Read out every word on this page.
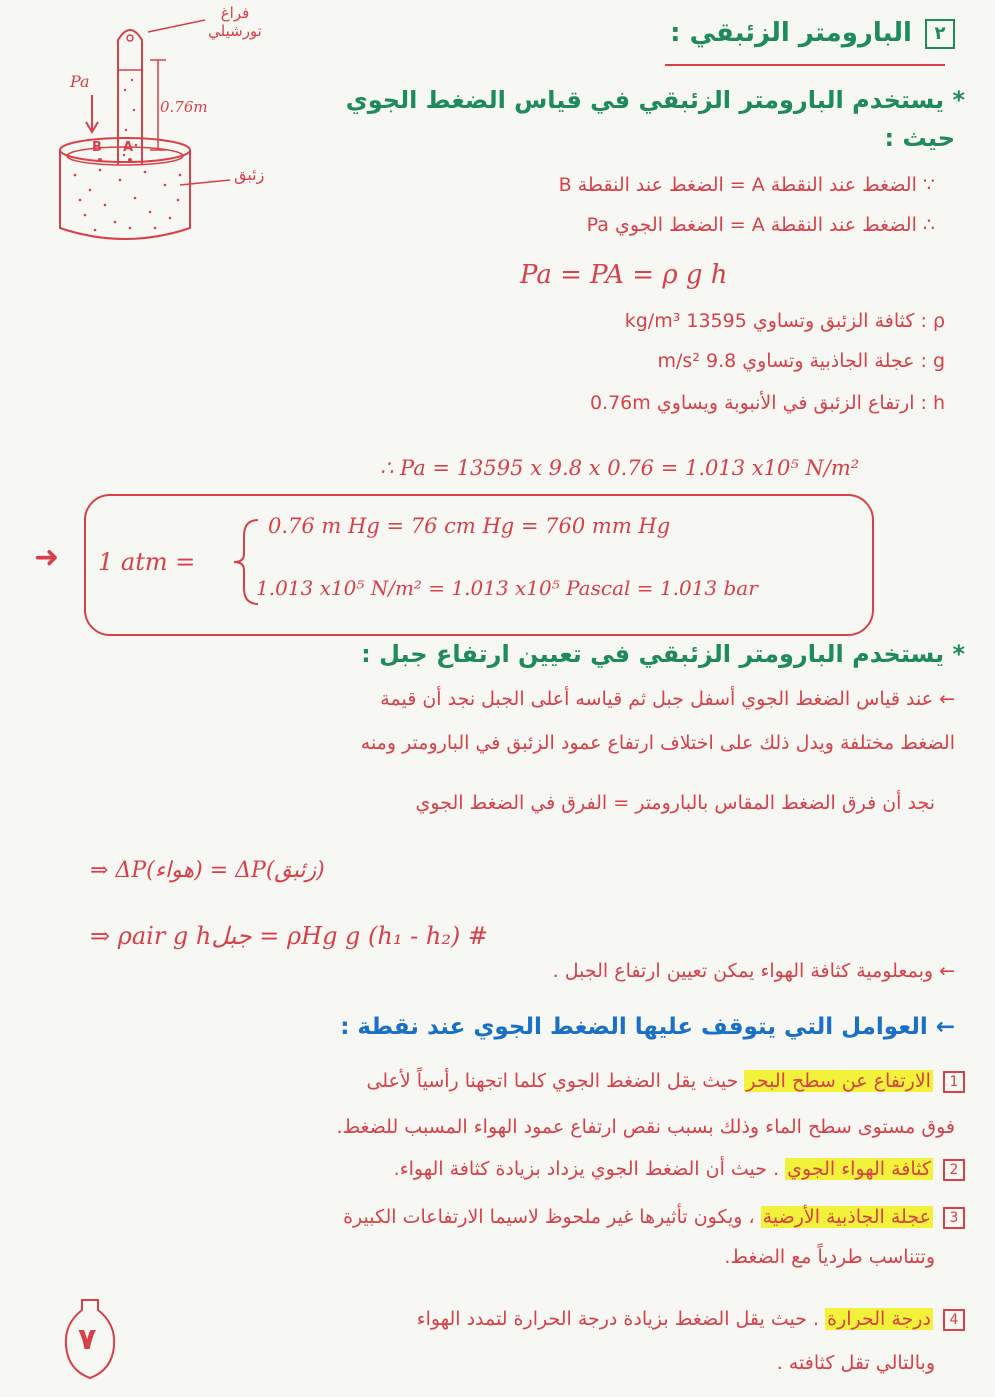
٢ البارومتر الزئبقي :
فراغ تورشيلي
زئبق
Pa
0.76m
B A
* يستخدم البارومتر الزئبقي في قياس الضغط الجوي
حيث :
∵ الضغط عند النقطة A = الضغط عند النقطة B
∴ الضغط عند النقطة A = الضغط الجوي Pa
Pa = PA = ρ g h
ρ : كثافة الزئبق وتساوي 13595 kg/m³
g : عجلة الجاذبية وتساوي 9.8 m/s²
h : ارتفاع الزئبق في الأنبوبة ويساوي 0.76m
∴ Pa = 13595 x 9.8 x 0.76 = 1.013 x10⁵ N/m²
➜ 1 atm =
0.76 m Hg = 76 cm Hg = 760 mm Hg
1.013 x10⁵ N/m² = 1.013 x10⁵ Pascal = 1.013 bar
* يستخدم البارومتر الزئبقي في تعيين ارتفاع جبل :
← عند قياس الضغط الجوي أسفل جبل ثم قياسه أعلى الجبل نجد أن قيمة
الضغط مختلفة ويدل ذلك على اختلاف ارتفاع عمود الزئبق في البارومتر ومنه
نجد أن فرق الضغط المقاس بالبارومتر = الفرق في الضغط الجوي
⇒ ΔP(هواء) = ΔP(زئبق)
⇒ ρair g hجبل = ρHg g (h₁ - h₂) #
← وبمعلومية كثافة الهواء يمكن تعيين ارتفاع الجبل .
← العوامل التي يتوقف عليها الضغط الجوي عند نقطة :
1 الارتفاع عن سطح البحر حيث يقل الضغط الجوي كلما اتجهنا رأسياً لأعلى
فوق مستوى سطح الماء وذلك بسبب نقص ارتفاع عمود الهواء المسبب للضغط.
2 كثافة الهواء الجوي . حيث أن الضغط الجوي يزداد بزيادة كثافة الهواء.
3 عجلة الجاذبية الأرضية ، ويكون تأثيرها غير ملحوظ لاسيما الارتفاعات الكبيرة
وتتناسب طردياً مع الضغط.
4 درجة الحرارة . حيث يقل الضغط بزيادة درجة الحرارة لتمدد الهواء
وبالتالي تقل كثافته .
٧
